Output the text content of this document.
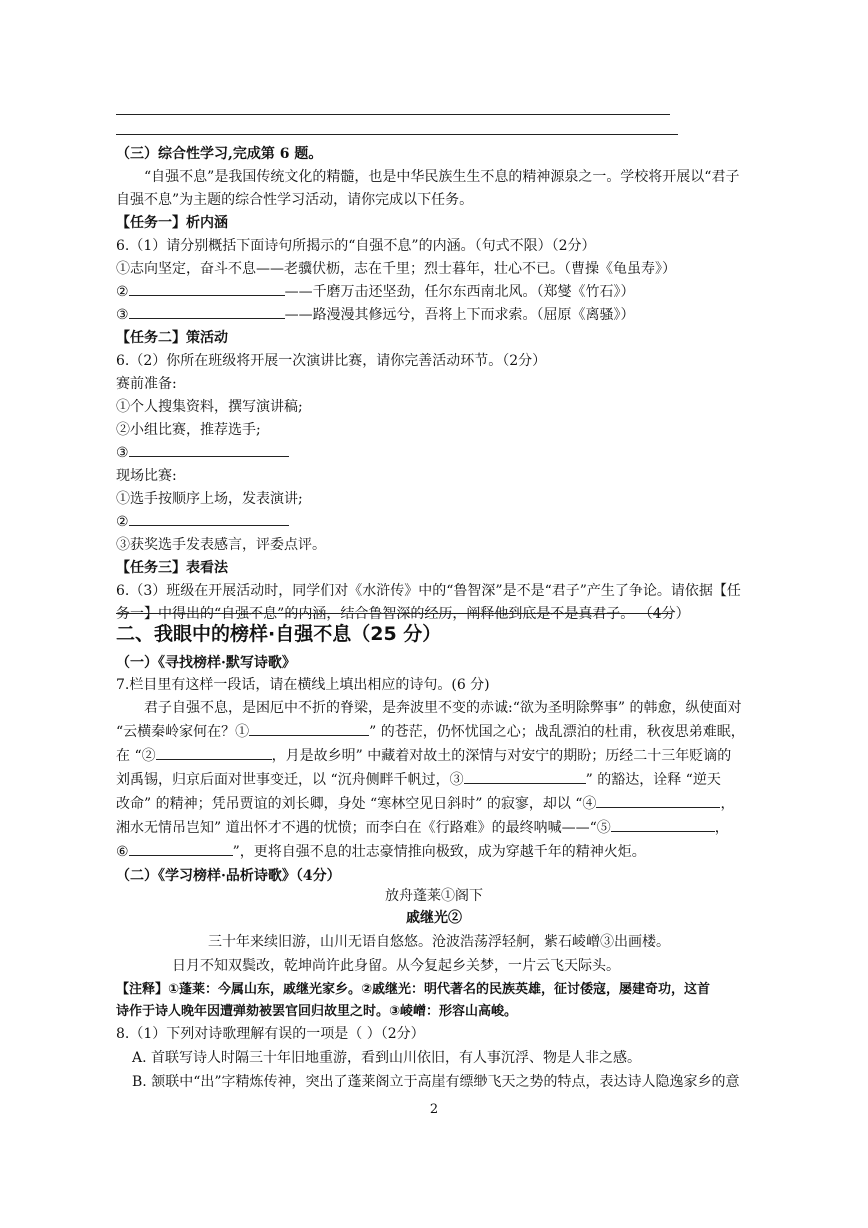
（三）综合性学习,完成第 6 题。
“自强不息”是我国传统文化的精髓，也是中华民族生生不息的精神源泉之一。学校将开展以“君子
自强不息”为主题的综合性学习活动，请你完成以下任务。
【任务一】析内涵
6.（1）请分别概括下面诗句所揭示的“自强不息”的内涵。（句式不限）（2分）
①志向坚定，奋斗不息——老骥伏枥，志在千里；烈士暮年，壮心不已。（曹操《龟虽寿》）
②	——千磨万击还坚劲，任尔东西南北风。（郑燮《竹石》）
③	——路漫漫其修远兮，吾将上下而求索。（屈原《离骚》）
【任务二】策活动
6.（2）你所在班级将开展一次演讲比赛，请你完善活动环节。（2分）
赛前准备:
①个人搜集资料，撰写演讲稿;
②小组比赛，推荐选手;
③
现场比赛:
①选手按顺序上场，发表演讲;
②
③获奖选手发表感言，评委点评。
【任务三】表看法
6.（3）班级在开展活动时，同学们对《水浒传》中的“鲁智深”是不是“君子”产生了争论。请依据【任
务一】中得出的“自强不息”的内涵，结合鲁智深的经历，阐释他到底是不是真君子。 （4分）
二、我眼中的榜样·自强不息（25 分）
（一）《寻找榜样·默写诗歌》
7.栏目里有这样一段话，请在横线上填出相应的诗句。(6 分)
君子自强不息，是困厄中不折的脊梁，是奔波里不变的赤诚:“欲为圣明除弊事” 的韩愈，纵使面对
“云横秦岭家何在？①	” 的苍茫，仍怀忧国之心；战乱漂泊的杜甫，秋夜思弟难眠，
在 “②	，月是故乡明” 中藏着对故土的深情与对安宁的期盼；历经二十三年贬谪的
刘禹锡，归京后面对世事变迁，以 “沉舟侧畔千帆过，③	” 的豁达，诠释 “逆天
改命” 的精神；凭吊贾谊的刘长卿，身处 “寒林空见日斜时” 的寂寥，却以 “④	，
湘水无情吊岂知” 道出怀才不遇的忧愤；而李白在《行路难》的最终呐喊——“⑤	，
⑥	”，更将自强不息的壮志豪情推向极致，成为穿越千年的精神火炬。
（二）《学习榜样·品析诗歌》（4分）
放舟蓬莱①阁下
戚继光②
三十年来续旧游，山川无语自悠悠。沧波浩荡浮轻舸，紫石崚嶒③出画楼。
日月不知双鬓改，乾坤尚许此身留。从今复起乡关梦，一片云飞天际头。
【注释】①蓬莱：今属山东，戚继光家乡。②戚继光：明代著名的民族英雄，征讨倭寇，屡建奇功，这首
诗作于诗人晚年因遭弹劾被罢官回归故里之时。③崚嶒：形容山高峻。
8.（1）下列对诗歌理解有误的一项是（ ）（2分）
A. 首联写诗人时隔三十年旧地重游，看到山川依旧，有人事沉浮、物是人非之感。
B. 颔联中“出”字精炼传神，突出了蓬莱阁立于高崖有缥缈飞天之势的特点，表达诗人隐逸家乡的意
2
